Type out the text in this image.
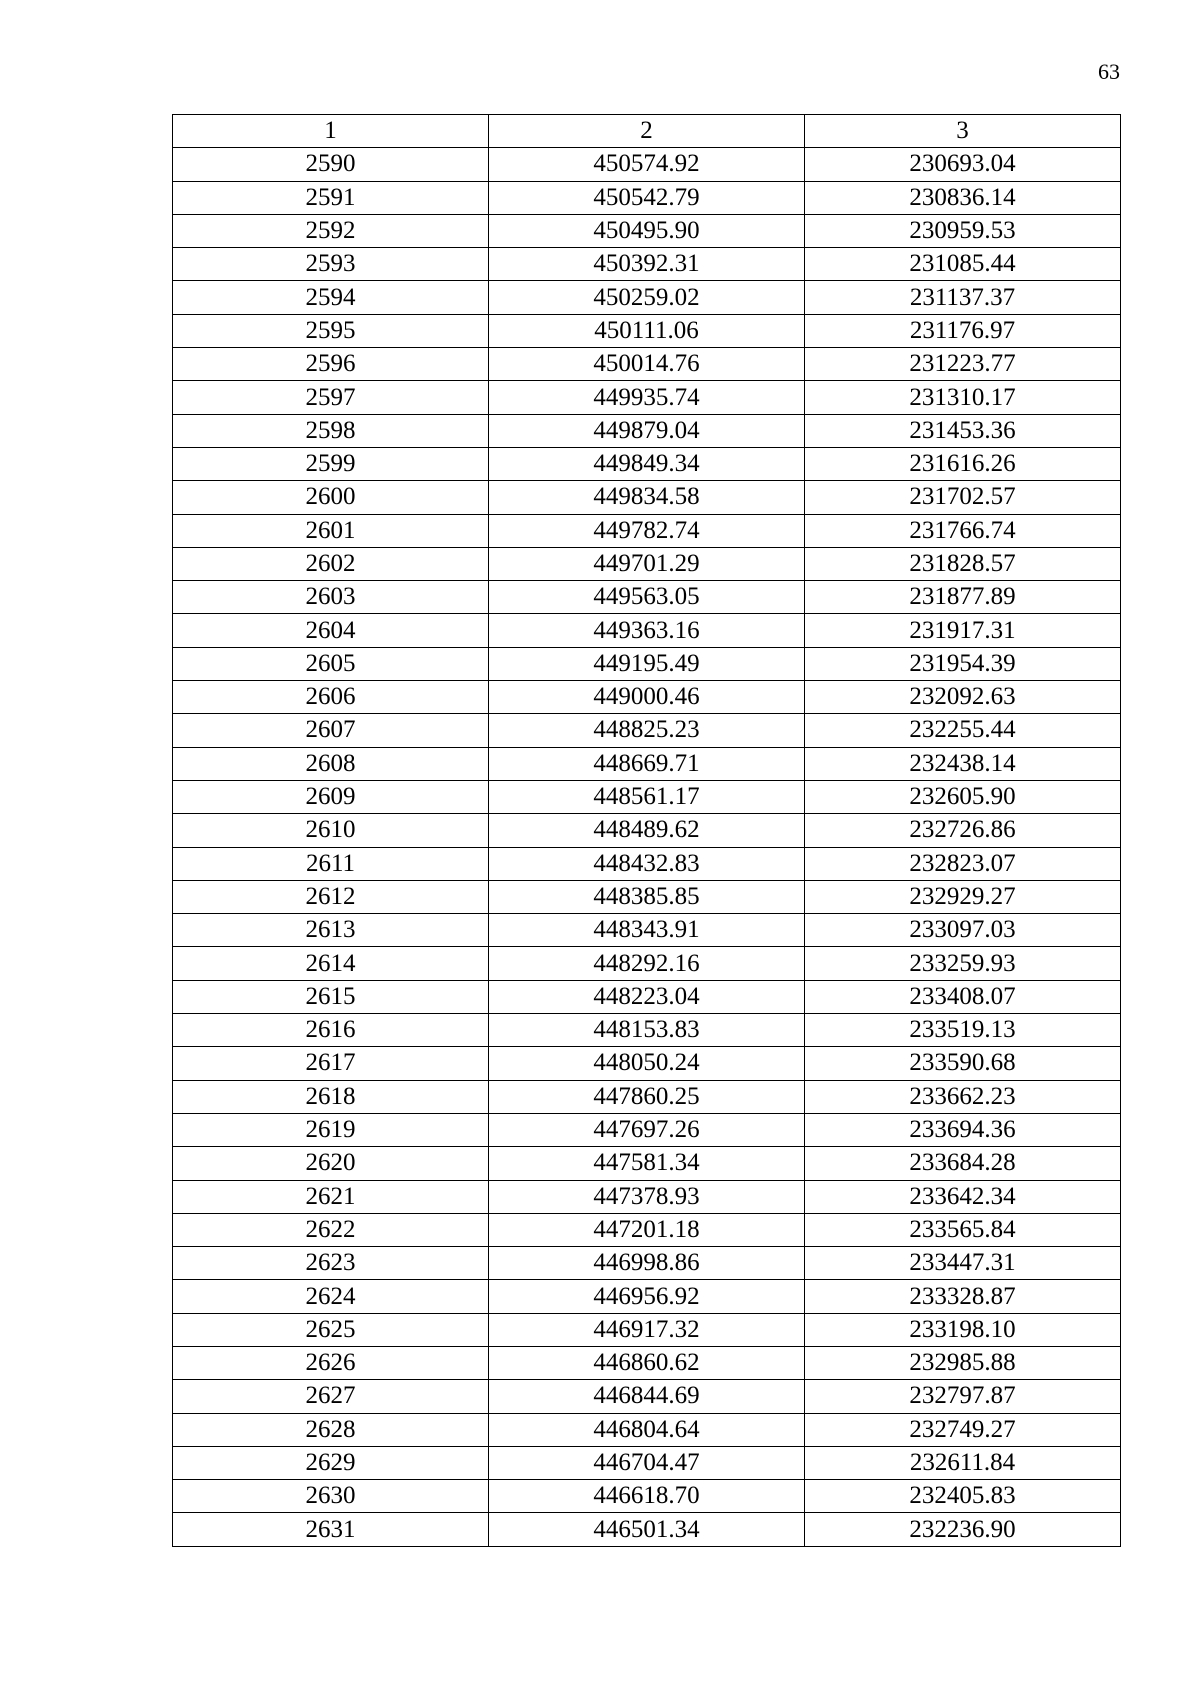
63
1	2	3
2590	450574.92	230693.04
2591	450542.79	230836.14
2592	450495.90	230959.53
2593	450392.31	231085.44
2594	450259.02	231137.37
2595	450111.06	231176.97
2596	450014.76	231223.77
2597	449935.74	231310.17
2598	449879.04	231453.36
2599	449849.34	231616.26
2600	449834.58	231702.57
2601	449782.74	231766.74
2602	449701.29	231828.57
2603	449563.05	231877.89
2604	449363.16	231917.31
2605	449195.49	231954.39
2606	449000.46	232092.63
2607	448825.23	232255.44
2608	448669.71	232438.14
2609	448561.17	232605.90
2610	448489.62	232726.86
2611	448432.83	232823.07
2612	448385.85	232929.27
2613	448343.91	233097.03
2614	448292.16	233259.93
2615	448223.04	233408.07
2616	448153.83	233519.13
2617	448050.24	233590.68
2618	447860.25	233662.23
2619	447697.26	233694.36
2620	447581.34	233684.28
2621	447378.93	233642.34
2622	447201.18	233565.84
2623	446998.86	233447.31
2624	446956.92	233328.87
2625	446917.32	233198.10
2626	446860.62	232985.88
2627	446844.69	232797.87
2628	446804.64	232749.27
2629	446704.47	232611.84
2630	446618.70	232405.83
2631	446501.34	232236.90
